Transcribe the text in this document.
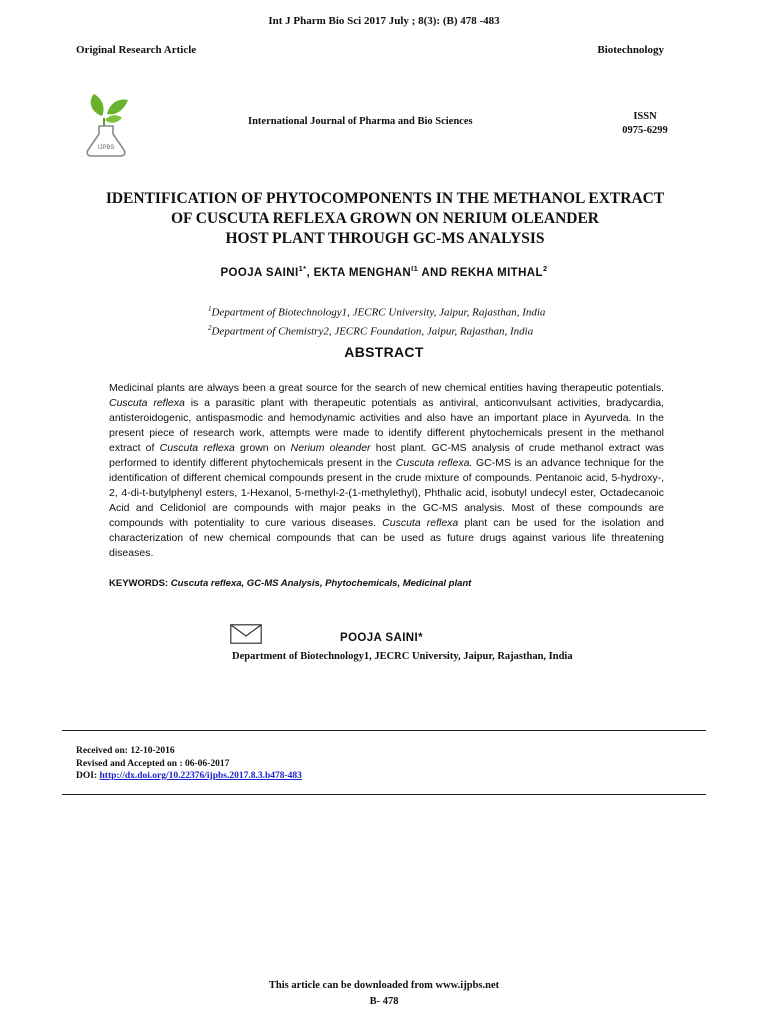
Int J Pharm Bio Sci 2017 July ; 8(3): (B) 478 -483
Original Research Article	Biotechnology
IJPBS
International Journal of Pharma and Bio Sciences	ISSN
0975-6299
IDENTIFICATION OF PHYTOCOMPONENTS IN THE METHANOL EXTRACT
OF CUSCUTA REFLEXA GROWN ON NERIUM OLEANDER
HOST PLANT THROUGH GC-MS ANALYSIS
POOJA $SAINI^{1*}$, EKTA $MENGHAN^{I1}$ AND REKHA MITHAL$^2$
$^1$Department of Biotechnology1, JECRC University, Jaipur, Rajasthan, India
$^2$Department of Chemistry2, JECRC Foundation, Jaipur, Rajasthan, India
ABSTRACT
Medicinal plants are always been a great source for the search of new chemical entities having therapeutic potentials. Cuscuta reflexa is a parasitic plant with therapeutic potentials as antiviral, anticonvulsant activities, bradycardia, antisteroidogenic, antispasmodic and hemodynamic activities and also have an important place in Ayurveda. In the present piece of research work, attempts were made to identify different phytochemicals present in the methanol extract of Cuscuta reflexa grown on Nerium oleander host plant. GC-MS analysis of crude methanol extract was performed to identify different phytochemicals present in the Cuscuta reflexa. GC-MS is an advance technique for the identification of different chemical compounds present in the crude mixture of compounds. Pentanoic acid, 5-hydroxy-, 2, 4-di-t-butylphenyl esters, 1-Hexanol, 5-methyl-2-(1-methylethyl), Phthalic acid, isobutyl undecyl ester, Octadecanoic Acid and Celidoniol are compounds with major peaks in the GC-MS analysis. Most of these compounds are compounds with potentiality to cure various diseases. Cuscuta reflexa plant can be used for the isolation and characterization of new chemical compounds that can be used as future drugs against various life threatening diseases.
KEYWORDS: Cuscuta reflexa, GC-MS Analysis, Phytochemicals, Medicinal plant
POOJA SAINI*
Department of Biotechnology1, JECRC University, Jaipur, Rajasthan, India
Received on: 12-10-2016
Revised and Accepted on : 06-06-2017
DOI: http://dx.doi.org/10.22376/ijpbs.2017.8.3.b478-483
This article can be downloaded from www.ijpbs.net
B- 478
